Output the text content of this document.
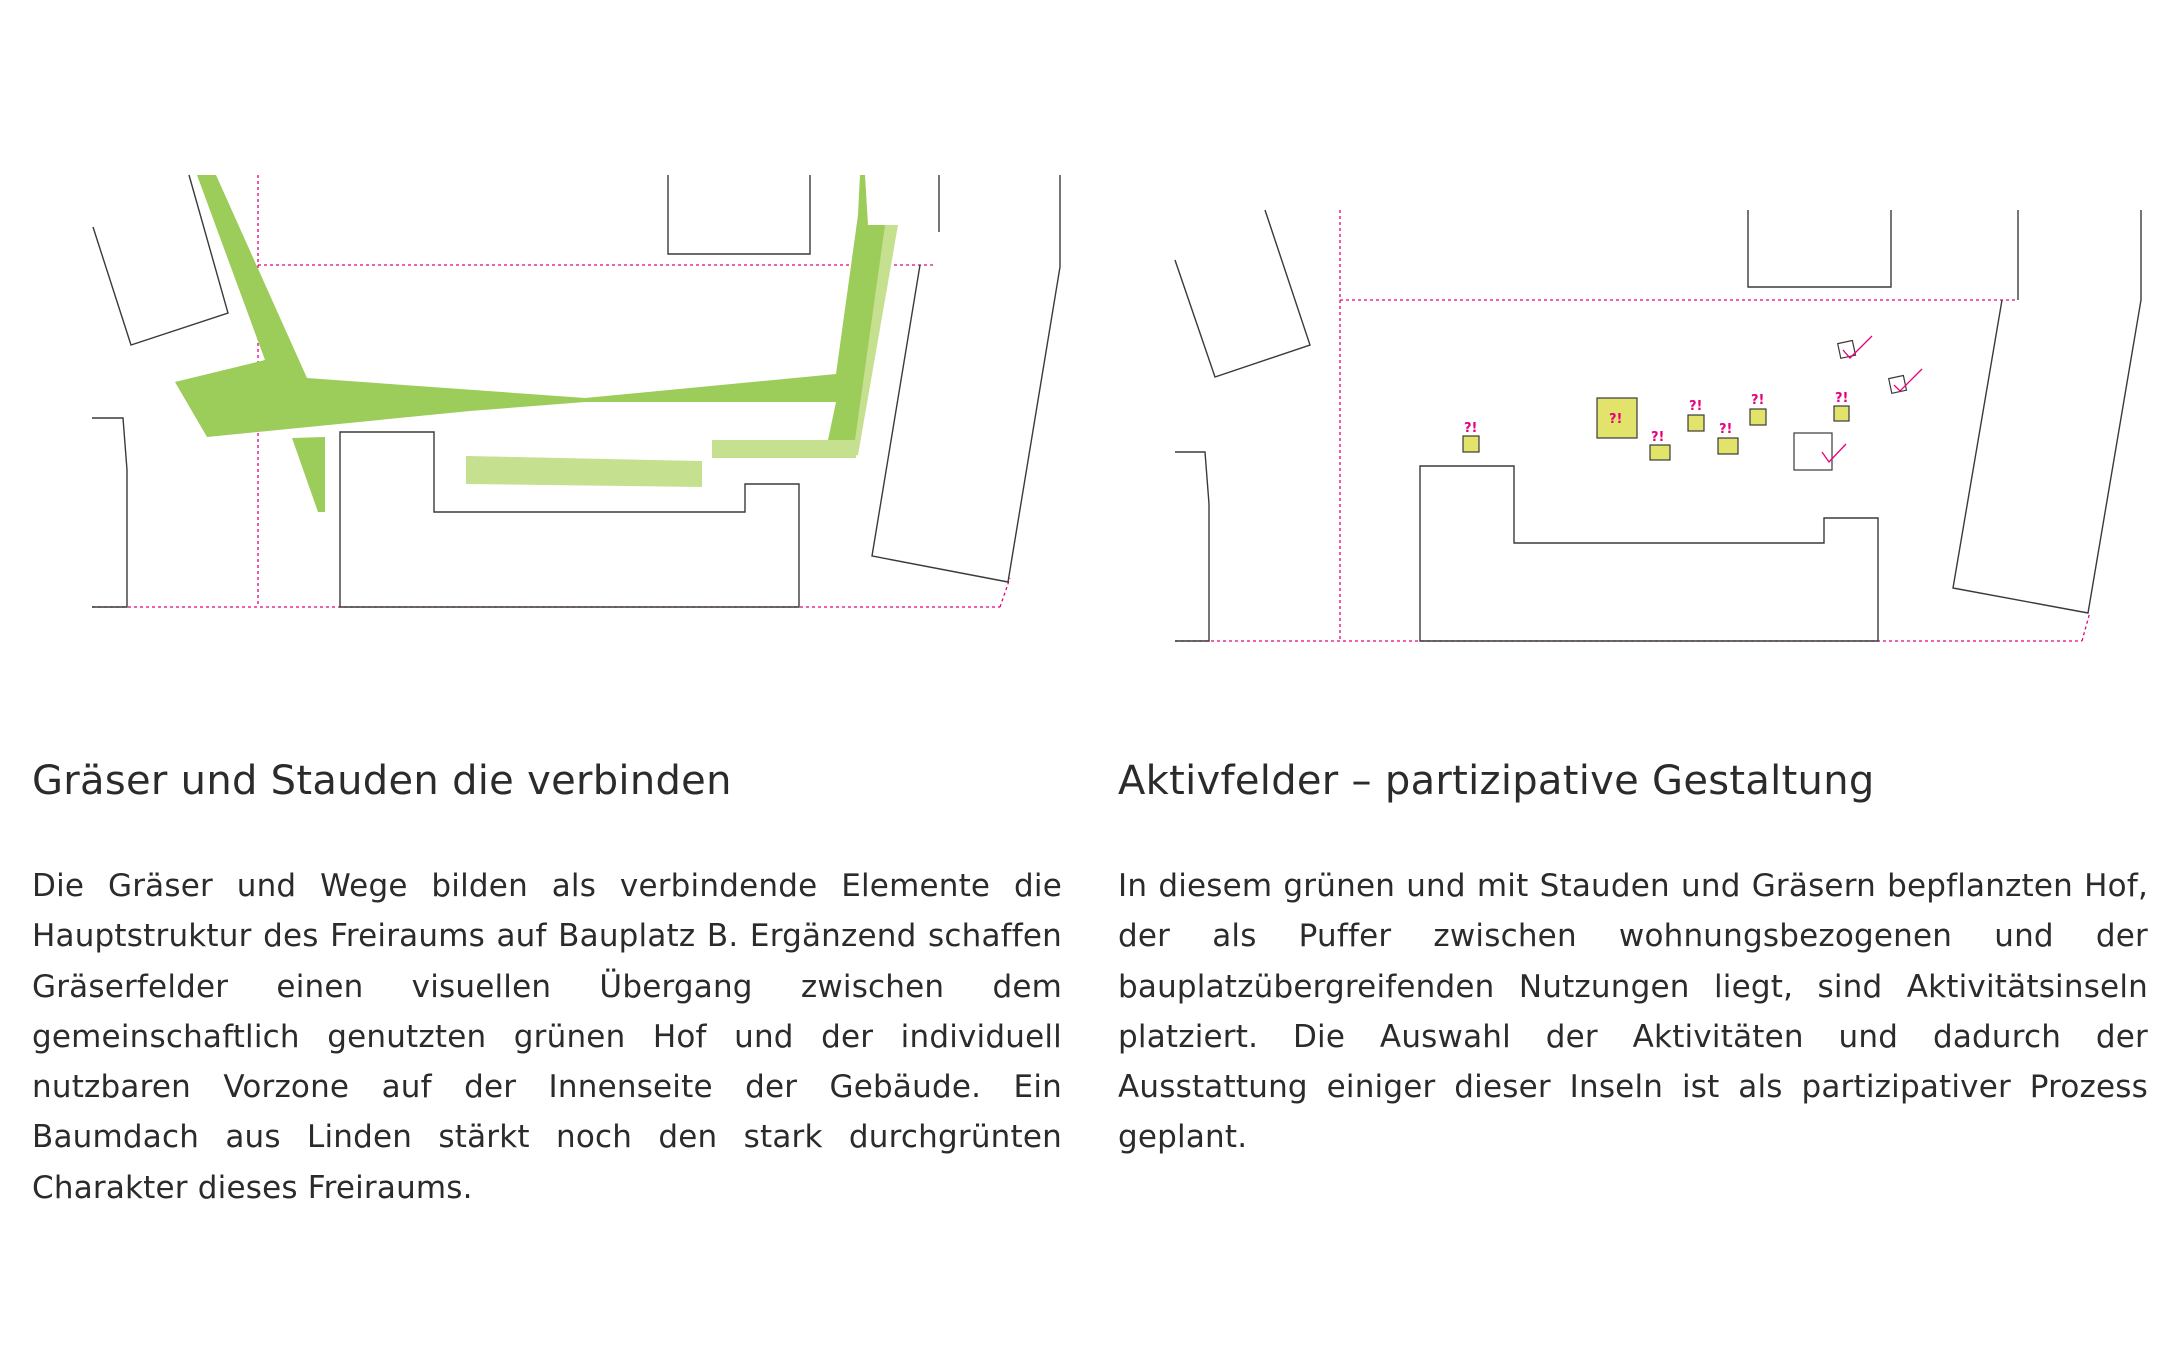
?!
?!
?!
?!
?!
?!	?!
Gräser und Stauden die verbinden

Die Gräser und Wege bilden als verbindende Elemente die Hauptstruktur des Freiraums auf Bauplatz B. Ergänzend schaffen Gräserfelder einen visuellen Übergang zwischen dem gemeinschaftlich genutzten grünen Hof und der individuell nutzbaren Vorzone auf der Innenseite der Gebäude. Ein Baumdach aus Linden stärkt noch den stark durchgrünten Charakter dieses Freiraums.

Aktivfelder – partizipative Gestaltung

In diesem grünen und mit Stauden und Gräsern bepflanzten Hof, der als Puffer zwischen wohnungsbezogenen und der bauplatzübergreifenden Nutzungen liegt, sind Aktivitätsinseln platziert. Die Auswahl der Aktivitäten und dadurch der Ausstattung einiger dieser Inseln ist als partizipativer Prozess geplant.
